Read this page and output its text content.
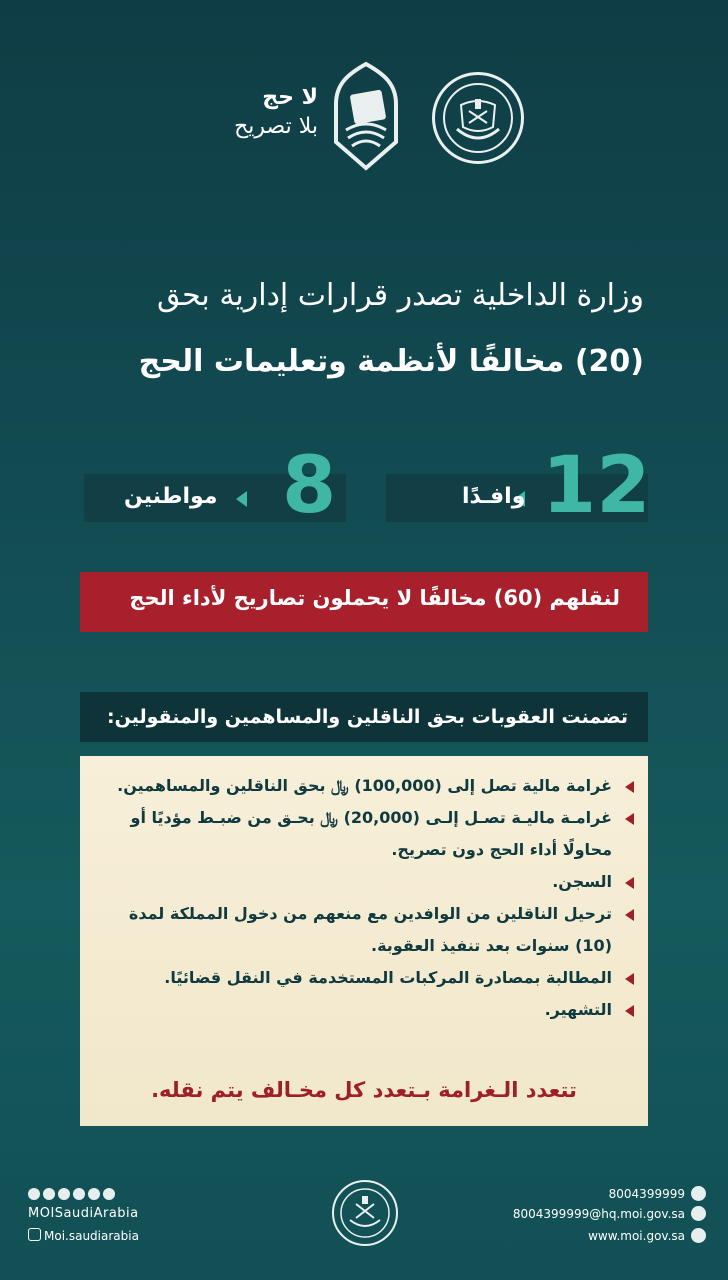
لا حج
بلا تصريح
وزارة الداخلية تصدر قرارات إدارية بحق
(20) مخالفًا لأنظمة وتعليمات الحج
12
8	وافـدًا
مواطنين
لنقلهم (60) مخالفًا لا يحملون تصاريح لأداء الحج
تضمنت العقوبات بحق الناقلين والمساهمين والمنقولين:

غرامة مالية تصل إلى (100,000) ﷼ بحق الناقلين والمساهمين.

غرامـة ماليـة تصـل إلـى (20,000) ﷼ بحـق من ضبـط مؤديًا أو محاولًا أداء الحج دون تصريح.

السجن.

ترحيل الناقلين من الوافدين مع منعهم من دخول المملكة لمدة (10) سنوات بعد تنفيذ العقوبة.

المطالبة بمصادرة المركبات المستخدمة في النقل قضائيًا.

التشهير.

تتعدد الـغرامة بـتعدد كل مخـالف يتم نقله.
MOISaudiArabia
Moi.saudiarabia
8004399999
8004399999@hq.moi.gov.sa
www.moi.gov.sa
